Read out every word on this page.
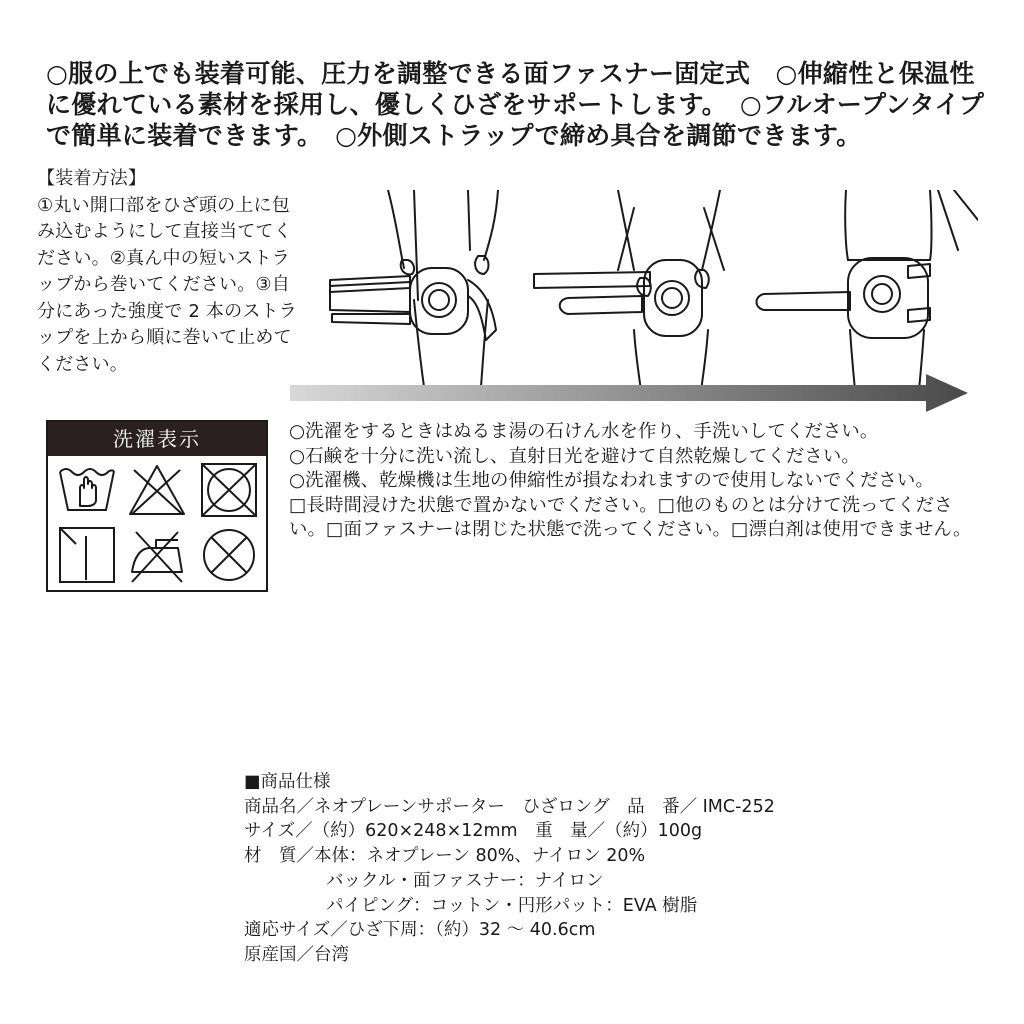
○服の上でも装着可能、圧力を調整できる面ファスナー固定式　○伸縮性と保温性に優れている素材を採用し、優しくひざをサポートします。　○フルオープンタイプで簡単に装着できます。　○外側ストラップで締め具合を調節できます。

【装着方法】

①丸い開口部をひざ頭の上に包み込むようにして直接当ててください。②真ん中の短いストラップから巻いてください。③自分にあった強度で 2 本のストラップを上から順に巻いて止めてください。

洗濯表示	○洗濯をするときはぬるま湯の石けん水を作り、手洗いしてください。

○石鹸を十分に洗い流し、直射日光を避けて自然乾燥してください。

○洗濯機、乾燥機は生地の伸縮性が損なわれますので使用しないでください。

□長時間浸けた状態で置かないでください。□他のものとは分けて洗ってください。□面ファスナーは閉じた状態で洗ってください。□漂白剤は使用できません。

■商品仕様
商品名／ネオプレーンサポーター　ひざロング　品　番／ IMC-252
サイズ／（約）620×248×12mm　重　量／（約）100g
材　質／本体：ネオプレーン 80%、ナイロン 20%
バックル・面ファスナー：ナイロン
パイピング：コットン・円形パット：EVA 樹脂
適応サイズ／ひざ下周：（約）32 ～ 40.6cm
原産国／台湾
